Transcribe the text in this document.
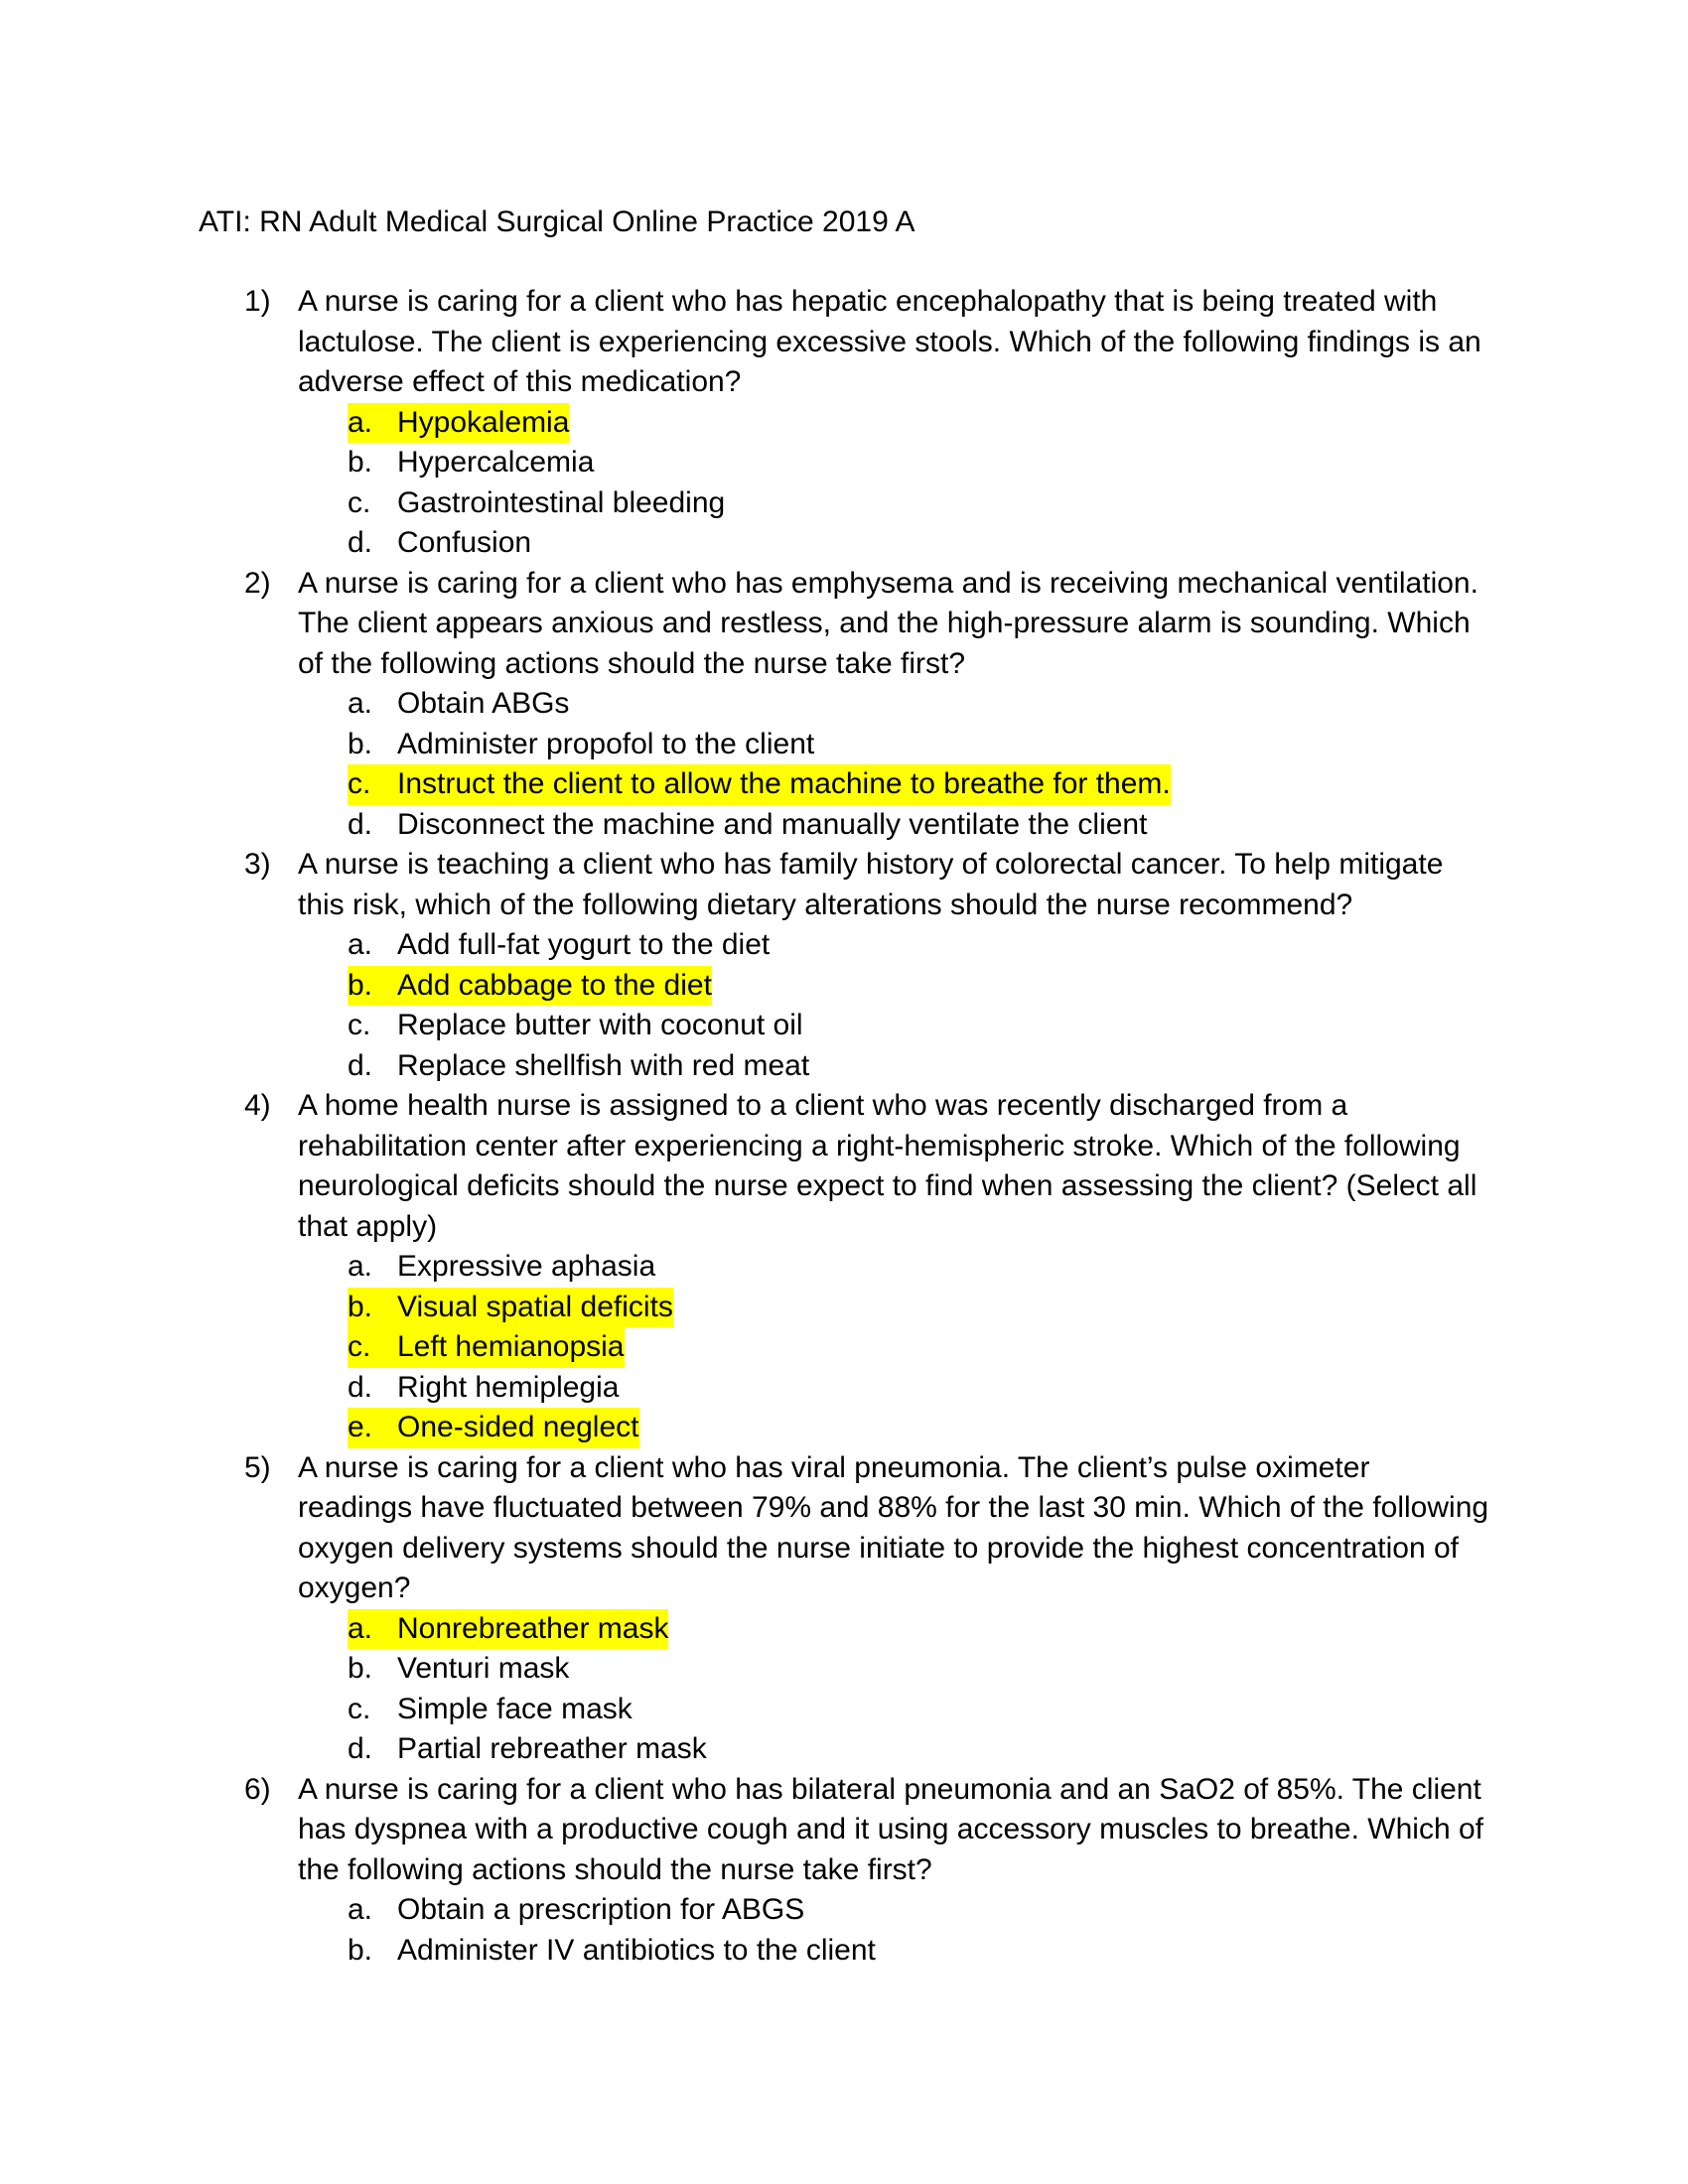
ATI: RN Adult Medical Surgical Online Practice 2019 A
1) A nurse is caring for a client who has hepatic encephalopathy that is being treated with lactulose. The client is experiencing excessive stools. Which of the following findings is an adverse effect of this medication?
a. Hypokalemia
b. Hypercalcemia
c. Gastrointestinal bleeding
d. Confusion
2) A nurse is caring for a client who has emphysema and is receiving mechanical ventilation. The client appears anxious and restless, and the high-pressure alarm is sounding. Which of the following actions should the nurse take first?
a. Obtain ABGs
b. Administer propofol to the client
c. Instruct the client to allow the machine to breathe for them.
d. Disconnect the machine and manually ventilate the client
3) A nurse is teaching a client who has family history of colorectal cancer. To help mitigate this risk, which of the following dietary alterations should the nurse recommend?
a. Add full-fat yogurt to the diet
b. Add cabbage to the diet
c. Replace butter with coconut oil
d. Replace shellfish with red meat
4) A home health nurse is assigned to a client who was recently discharged from a rehabilitation center after experiencing a right-hemispheric stroke. Which of the following neurological deficits should the nurse expect to find when assessing the client? (Select all that apply)
a. Expressive aphasia
b. Visual spatial deficits
c. Left hemianopsia
d. Right hemiplegia
e. One-sided neglect
5) A nurse is caring for a client who has viral pneumonia. The client’s pulse oximeter readings have fluctuated between 79% and 88% for the last 30 min. Which of the following oxygen delivery systems should the nurse initiate to provide the highest concentration of oxygen?
a. Nonrebreather mask
b. Venturi mask
c. Simple face mask
d. Partial rebreather mask
6) A nurse is caring for a client who has bilateral pneumonia and an SaO2 of 85%. The client has dyspnea with a productive cough and it using accessory muscles to breathe. Which of the following actions should the nurse take first?
a. Obtain a prescription for ABGS
b. Administer IV antibiotics to the client
